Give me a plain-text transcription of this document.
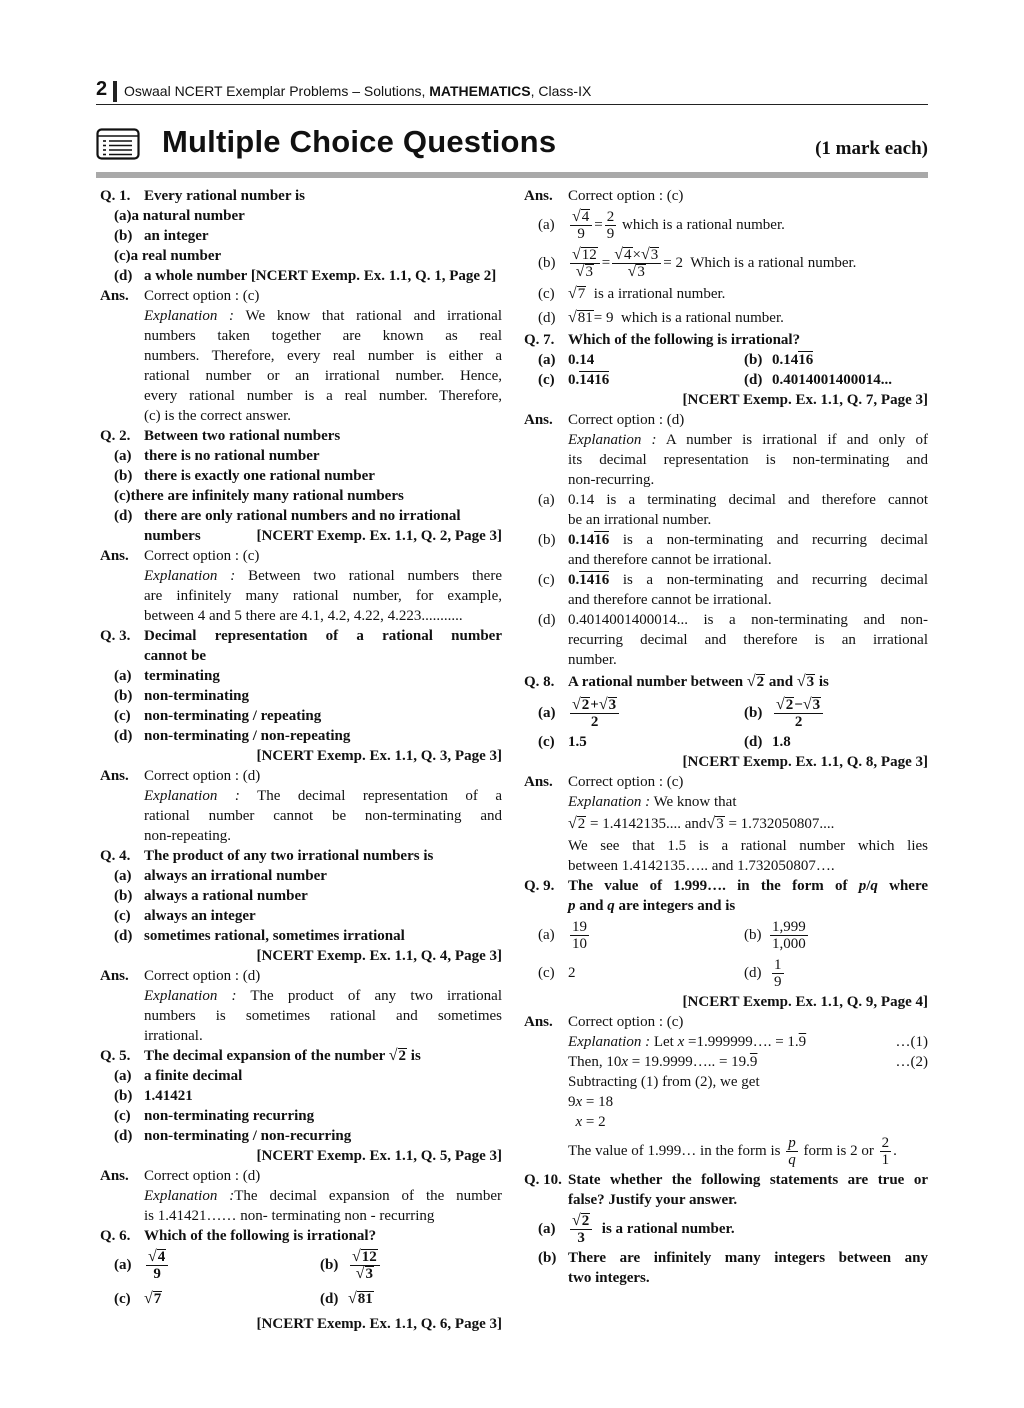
2 Oswaal NCERT Exemplar Problems – Solutions, MATHEMATICS, Class-IX
Multiple Choice Questions	(1 mark each)
Q. 1. Every rational number is
(a)a natural number
(b) an integer
(c)a real number
(d) a whole number [NCERT Exemp. Ex. 1.1, Q. 1, Page 2]
Ans. Correct option : (c)
Explanation : We know that rational and irrational
numbers taken together are known as real
numbers. Therefore, every real number is either a
rational number or an irrational number. Hence,
every rational number is a real number. Therefore,
(c) is the correct answer.
Q. 2. Between two rational numbers
(a) there is no rational number
(b) there is exactly one rational number
(c)there are infinitely many rational numbers
(d) there are only rational numbers and no irrational
numbers	[NCERT Exemp. Ex. 1.1, Q. 2, Page 3]
Ans. Correct option : (c)
Explanation : Between two rational numbers there
are infinitely many rational number, for example,
between 4 and 5 there are 4.1, 4.2, 4.22, 4.223...........
Q. 3. Decimal representation of a rational number
cannot be
(a) terminating
(b) non-terminating
(c) non-terminating / repeating
(d) non-terminating / non-repeating
[NCERT Exemp. Ex. 1.1, Q. 3, Page 3]
Ans. Correct option : (d)
Explanation : The decimal representation of a
rational number cannot be non-terminating and
non-repeating.
Q. 4. The product of any two irrational numbers is
(a) always an irrational number
(b) always a rational number
(c) always an integer
(d) sometimes rational, sometimes irrational
[NCERT Exemp. Ex. 1.1, Q. 4, Page 3]
Ans. Correct option : (d)
Explanation : The product of any two irrational
numbers is sometimes rational and sometimes
irrational.
Q. 5. The decimal expansion of the number √2 is
(a) a finite decimal
(b) 1.41421
(c) non-terminating recurring
(d) non-terminating / non-recurring
[NCERT Exemp. Ex. 1.1, Q. 5, Page 3]
Ans. Correct option : (d)
Explanation :The decimal expansion of the number
is 1.41421…… non- terminating non - recurring
Q. 6. Which of the following is irrational?
$(a) \frac{√4}{9}$	$(b) \frac{√12}{√3}$
(c) √7	(d) √81
[NCERT Exemp. Ex. 1.1, Q. 6, Page 3]
Ans. Correct option : (c)
$(a) \frac{√4}{9} = \frac{2}{9}$ which is a rational number.
$(b) \frac{√12}{√3} = \frac{√4\times√3}{√3} = 2$ Which is a rational number.
(c) √7 is a irrational number.
(d) √81= 9 which is a rational number.
Q. 7. Which of the following is irrational?
(a) 0.14	(b) 0.1416
(c) 0.1416	(d) 0.4014001400014...
[NCERT Exemp. Ex. 1.1, Q. 7, Page 3]
Ans. Correct option : (d)
Explanation : A number is irrational if and only of
its decimal representation is non-terminating and
non-recurring.
(a) 0.14 is a terminating decimal and therefore cannot
be an irrational number.
(b) 0.1416 is a non-terminating and recurring decimal
and therefore cannot be irrational.
(c) 0.1416 is a non-terminating and recurring decimal
and therefore cannot be irrational.
(d) 0.4014001400014... is a non-terminating and non-
recurring decimal and therefore is an irrational
number.
Q. 8. A rational number between √2 and √3 is
$(a) \frac{√2+√3}{2}$	$(b) \frac{√2-√3}{2}$
(c) 1.5	(d) 1.8
[NCERT Exemp. Ex. 1.1, Q. 8, Page 3]
Ans. Correct option : (c)
Explanation : We know that
√2 = 1.4142135.... and√3 = 1.732050807....
We see that 1.5 is a rational number which lies
between 1.4142135….. and 1.732050807….
Q. 9. The value of 1.999…. in the form of p/q where
p and q are integers and is
$(a) \frac{19}{10}$	$(b) \frac{1,999}{1,000}$
(c) 2	$(d) \frac{1}{9}$
[NCERT Exemp. Ex. 1.1, Q. 9, Page 4]
Ans. Correct option : (c)
Explanation : Let x =1.999999…. = 1.9	…(1)
Then, 10x = 19.9999….. = 19.9	…(2)
Subtracting (1) from (2), we get
9x = 18
x = 2
The value of 1.999… in the form is $\frac{p}{q}$ form is 2 or $\frac{2}{1}$ .
Q. 10. State whether the following statements are true or
false? Justify your answer.
$(a) \frac{√2}{3}$ is a rational number.
(b) There are infinitely many integers between any
two integers.
